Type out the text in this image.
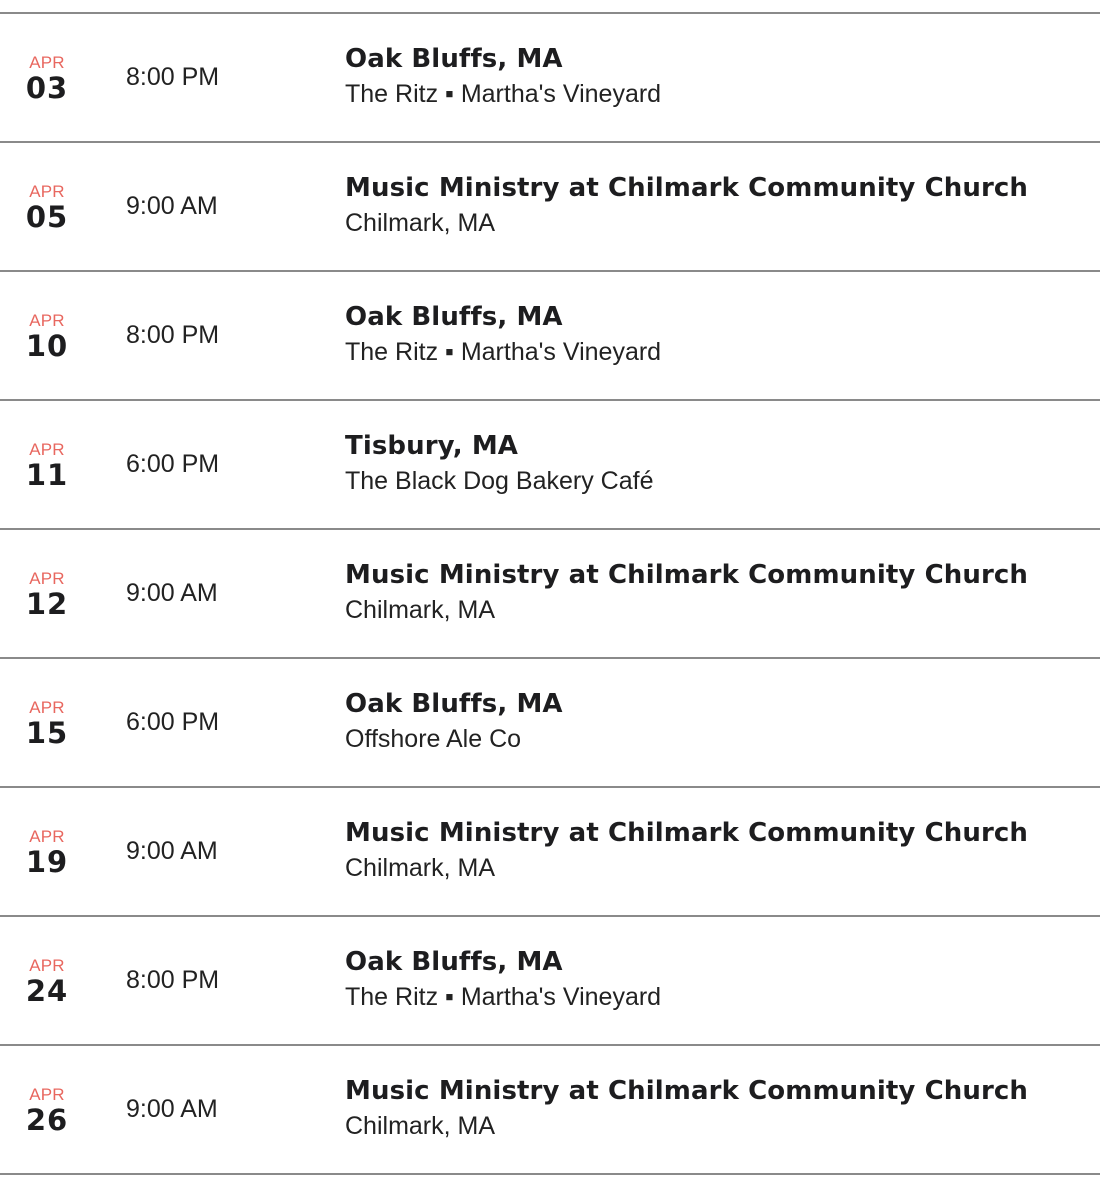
APR
03	8:00 PM
Oak Bluffs, MA
The Ritz ▪ Martha's Vineyard
APR
05	9:00 AM
Music Ministry at Chilmark Community Church
Chilmark, MA
APR
10	8:00 PM
Oak Bluffs, MA
The Ritz ▪ Martha's Vineyard
APR
11	6:00 PM
Tisbury, MA
The Black Dog Bakery Café
APR
12	9:00 AM
Music Ministry at Chilmark Community Church
Chilmark, MA
APR
15	6:00 PM
Oak Bluffs, MA
Offshore Ale Co
APR
19	9:00 AM
Music Ministry at Chilmark Community Church
Chilmark, MA
APR
24	8:00 PM
Oak Bluffs, MA
The Ritz ▪ Martha's Vineyard
APR
26	9:00 AM
Music Ministry at Chilmark Community Church
Chilmark, MA
